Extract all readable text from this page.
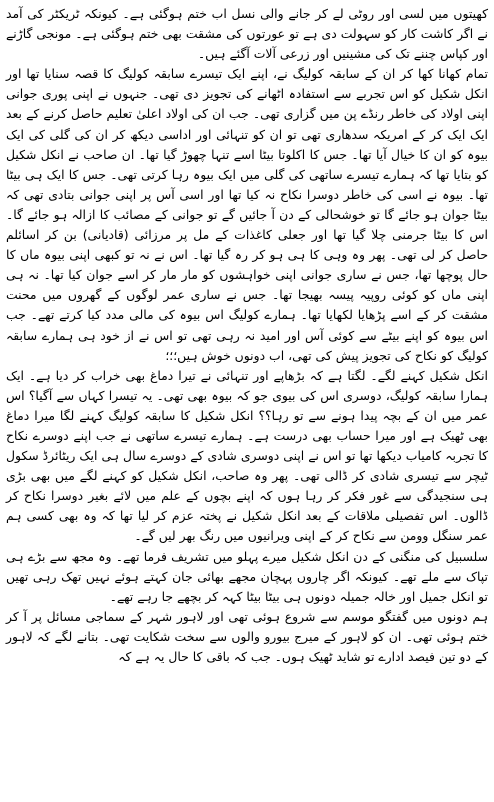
کھیتوں میں لسی اور روٹی لے کر جانے والی نسل اب ختم ہوگئی ہے۔ کیونکہ ٹریکٹر کی آمد نے اگر کاشت کار کو سہولت دی ہے تو عورتوں کی مشقت بھی ختم ہوگئی ہے۔ مونجی گاڑنے اور کپاس چننے تک کی مشینیں اور زرعی آلات آگئے ہیں۔

تمام کھانا کھا کر ان کے سابقہ کولیگ نے، اپنے ایک تیسرے سابقہ کولیگ کا قصہ سنایا تھا اور انکل شکیل کو اس تجربے سے استفادہ اٹھانے کی تجویز دی تھی۔ جنہوں نے اپنی پوری جوانی اپنی اولاد کی خاطر رنڈے پن میں گزاری تھی۔ جب ان کی اولاد اعلیٰ تعلیم حاصل کرنے کے بعد ایک ایک کر کے امریکہ سدھاری تھی تو ان کو تنہائی اور اداسی دیکھ کر ان کی گلی کی ایک بیوہ کو ان کا خیال آیا تھا۔ جس کا اکلوتا بیٹا اسے تنہا چھوڑ گیا تھا۔ ان صاحب نے انکل شکیل کو بتایا تھا کہ ہمارے تیسرے ساتھی کی گلی میں ایک بیوہ رہا کرتی تھی۔ جس کا ایک ہی بیٹا تھا۔ بیوہ نے اسی کی خاطر دوسرا نکاح نہ کیا تھا اور اسی آس پر اپنی جوانی بتادی تھی کہ بیٹا جوان ہو جائے گا تو خوشحالی کے دن آ جائیں گے تو جوانی کے مصائب کا ازالہ ہو جائے گا۔ اس کا بیٹا جرمنی چلا گیا تھا اور جعلی کاغذات کے مل پر مرزائی (قادیانی) بن کر اسائلم حاصل کر لی تھی۔ پھر وہ وہی کا ہی ہو کر رہ گیا تھا۔ اس نے نہ تو کبھی اپنی بیوہ ماں کا حال پوچھا تھا، جس نے ساری جوانی اپنی خواہشوں کو مار مار کر اسے جوان کیا تھا۔ نہ ہی اپنی ماں کو کوئی روپیہ پیسہ بھیجا تھا۔ جس نے ساری عمر لوگوں کے گھروں میں محنت مشقت کر کے اسے پڑھایا لکھایا تھا۔ ہمارے کولیگ اس بیوہ کی مالی مدد کیا کرتے تھے۔ جب اس بیوہ کو اپنے بیٹے سے کوئی آس اور امید نہ رہی تھی تو اس نے از خود ہی ہمارے سابقہ کولیگ کو نکاح کی تجویز پیش کی تھی، اب دونوں خوش ہیں؛؛؛

انکل شکیل کہنے لگے۔ لگتا ہے کہ بڑھاپے اور تنہائی نے تیرا دماغ بھی خراب کر دیا ہے۔ ایک ہمارا سابقہ کولیگ، دوسری اس کی بیوی جو کہ بیوہ بھی تھی۔ یہ تیسرا کہاں سے آگیا؟ اس عمر میں ان کے بچہ پیدا ہونے سے تو رہا؟؟ انکل شکیل کا سابقہ کولیگ کہنے لگا میرا دماغ بھی ٹھیک ہے اور میرا حساب بھی درست ہے۔ ہمارے تیسرے ساتھی نے جب اپنے دوسرے نکاح کا تجربہ کامیاب دیکھا تھا تو اس نے اپنی دوسری شادی کے دوسرے سال ہی ایک ریٹائرڈ سکول ٹیچر سے تیسری شادی کر ڈالی تھی۔ پھر وہ صاحب، انکل شکیل کو کہنے لگے میں بھی بڑی ہی سنجیدگی سے غور فکر کر رہا ہوں کہ اپنے بچوں کے علم میں لائے بغیر دوسرا نکاح کر ڈالوں۔ اس تفصیلی ملاقات کے بعد انکل شکیل نے پختہ عزم کر لیا تھا کہ وہ بھی کسی ہم عمر سنگل وومن سے نکاح کر کے اپنی ویرانیوں میں رنگ بھر لیں گے۔

سلسبیل کی منگنی کے دن انکل شکیل میرے پہلو میں تشریف فرما تھے۔ وہ مجھ سے بڑے ہی تپاک سے ملے تھے۔ کیونکہ اگر چاروں پہچان مجھے بھائی جان کہتے ہوئے نہیں تھک رہی تھیں تو انکل جمیل اور خالہ جمیلہ دونوں ہی بیٹا بیٹا کہہ کر بچھے جا رہے تھے۔

ہم دونوں میں گفتگو موسم سے شروع ہوئی تھی اور لاہور شہر کے سماجی مسائل پر آ کر ختم ہوئی تھی۔ ان کو لاہور کے میرج بیورو والوں سے سخت شکایت تھی۔ بتانے لگے کہ لاہور کے دو تین فیصد ادارے تو شاید ٹھیک ہوں۔ جب کہ باقی کا حال یہ ہے کہ
